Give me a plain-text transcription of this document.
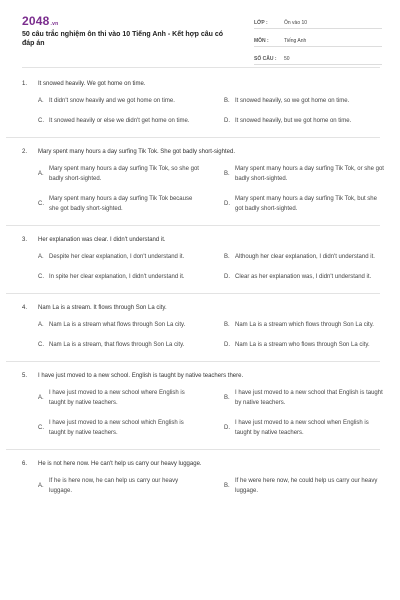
2048.vn
50 câu trắc nghiệm ôn thi vào 10 Tiếng Anh - Kết hợp câu có đáp án
LỚP :	Ôn vào 10
MÔN :	Tiếng Anh
SỐ CÂU :	50
1.	It snowed heavily. We got home on time.
A. It didn't snow heavily and we got home on time.	B. It snowed heavily, so we got home on time.
C. It snowed heavily or else we didn't get home on time.	D. It snowed heavily, but we got home on time.
2.	Mary spent many hours a day surfing Tik Tok. She got badly short-sighted.
A.
Mary spent many hours a day surfing Tik Tok, so she got badly short-sighted.
B.
Mary spent many hours a day surfing Tik Tok, or she got badly short-sighted.
C.
Mary spent many hours a day surfing Tik Tok because she got badly short-sighted.
D.
Mary spent many hours a day surfing Tik Tok, but she got badly short-sighted.
3.	Her explanation was clear. I didn't understand it.
A. Despite her clear explanation, I don't understand it.	B. Although her clear explanation, I didn't understand it.
C. In spite her clear explanation, I didn't understand it.	D. Clear as her explanation was, I didn't understand it.
4.	Nam La is a stream. It flows through Son La city.
A. Nam La is a stream what flows through Son La city.	B. Nam La is a stream which flows through Son La city.
C. Nam La is a stream, that flows through Son La city.	D. Nam La is a stream who flows through Son La city.
5.	I have just moved to a new school. English is taught by native teachers there.
A.
I have just moved to a new school where English is taught by native teachers.
B.
I have just moved to a new school that English is taught by native teachers.
C.
I have just moved to a new school which English is taught by native teachers.
D.
I have just moved to a new school when English is taught by native teachers.
6.	He is not here now. He can't help us carry our heavy luggage.
A.
If he is here now, he can help us carry our heavy luggage.
B.
If he were here now, he could help us carry our heavy luggage.
